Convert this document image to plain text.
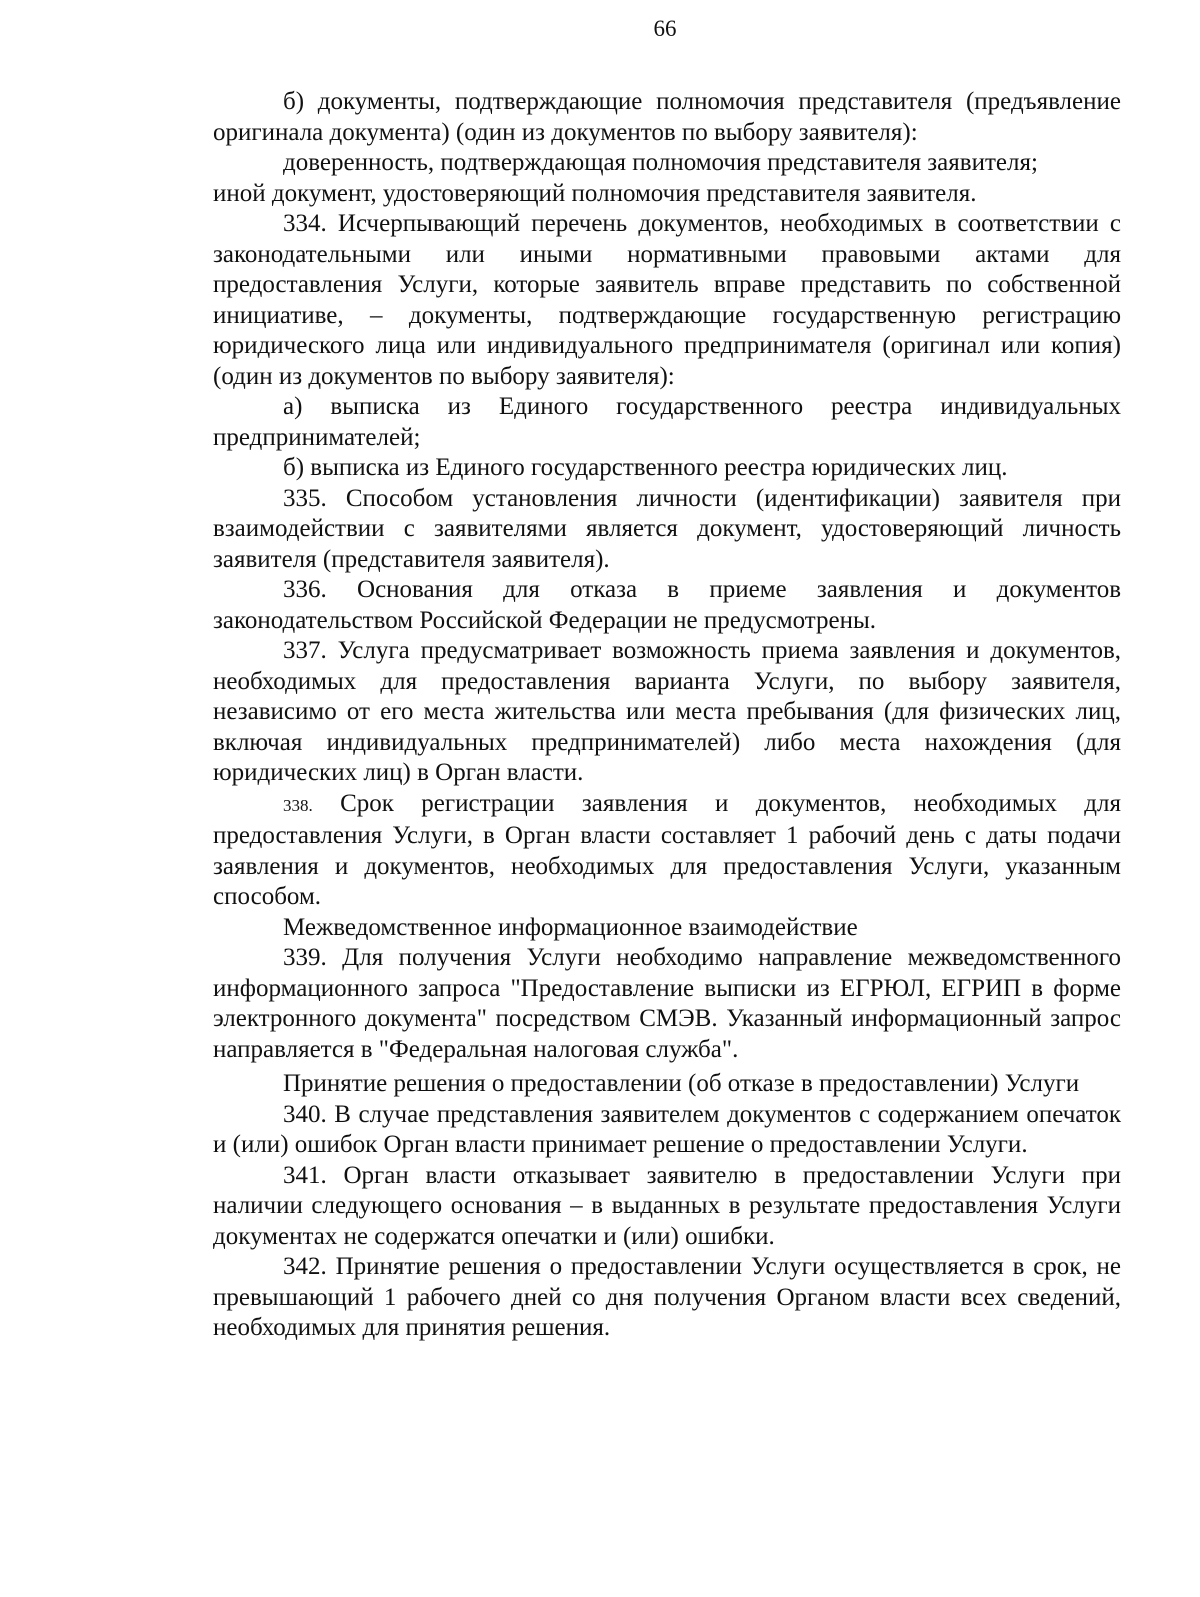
66

б) документы, подтверждающие полномочия представителя (предъявление оригинала документа) (один из документов по выбору заявителя):

доверенность, подтверждающая полномочия представителя заявителя;

иной документ, удостоверяющий полномочия представителя заявителя.

334. Исчерпывающий перечень документов, необходимых в соответствии с законодательными или иными нормативными правовыми актами для предоставления Услуги, которые заявитель вправе представить по собственной инициативе, – документы, подтверждающие государственную регистрацию юридического лица или индивидуального предпринимателя (оригинал или копия) (один из документов по выбору заявителя):

а) выписка из Единого государственного реестра индивидуальных предпринимателей;

б) выписка из Единого государственного реестра юридических лиц.

335. Способом установления личности (идентификации) заявителя при взаимодействии с заявителями является документ, удостоверяющий личность заявителя (представителя заявителя).

336. Основания для отказа в приеме заявления и документов законодательством Российской Федерации не предусмотрены.

337. Услуга предусматривает возможность приема заявления и документов, необходимых для предоставления варианта Услуги, по выбору заявителя, независимо от его места жительства или места пребывания (для физических лиц, включая индивидуальных предпринимателей) либо места нахождения (для юридических лиц) в Орган власти.

338. Срок регистрации заявления и документов, необходимых для предоставления Услуги, в Орган власти составляет 1 рабочий день с даты подачи заявления и документов, необходимых для предоставления Услуги, указанным способом.

Межведомственное информационное взаимодействие

339. Для получения Услуги необходимо направление межведомственного информационного запроса "Предоставление выписки из ЕГРЮЛ, ЕГРИП в форме электронного документа" посредством СМЭВ. Указанный информационный запрос направляется в "Федеральная налоговая служба".

Принятие решения о предоставлении (об отказе в предоставлении) Услуги

340. В случае представления заявителем документов с содержанием опечаток и (или) ошибок Орган власти принимает решение о предоставлении Услуги.

341. Орган власти отказывает заявителю в предоставлении Услуги при наличии следующего основания – в выданных в результате предоставления Услуги документах не содержатся опечатки и (или) ошибки.

342. Принятие решения о предоставлении Услуги осуществляется в срок, не превышающий 1 рабочего дней со дня получения Органом власти всех сведений, необходимых для принятия решения.
